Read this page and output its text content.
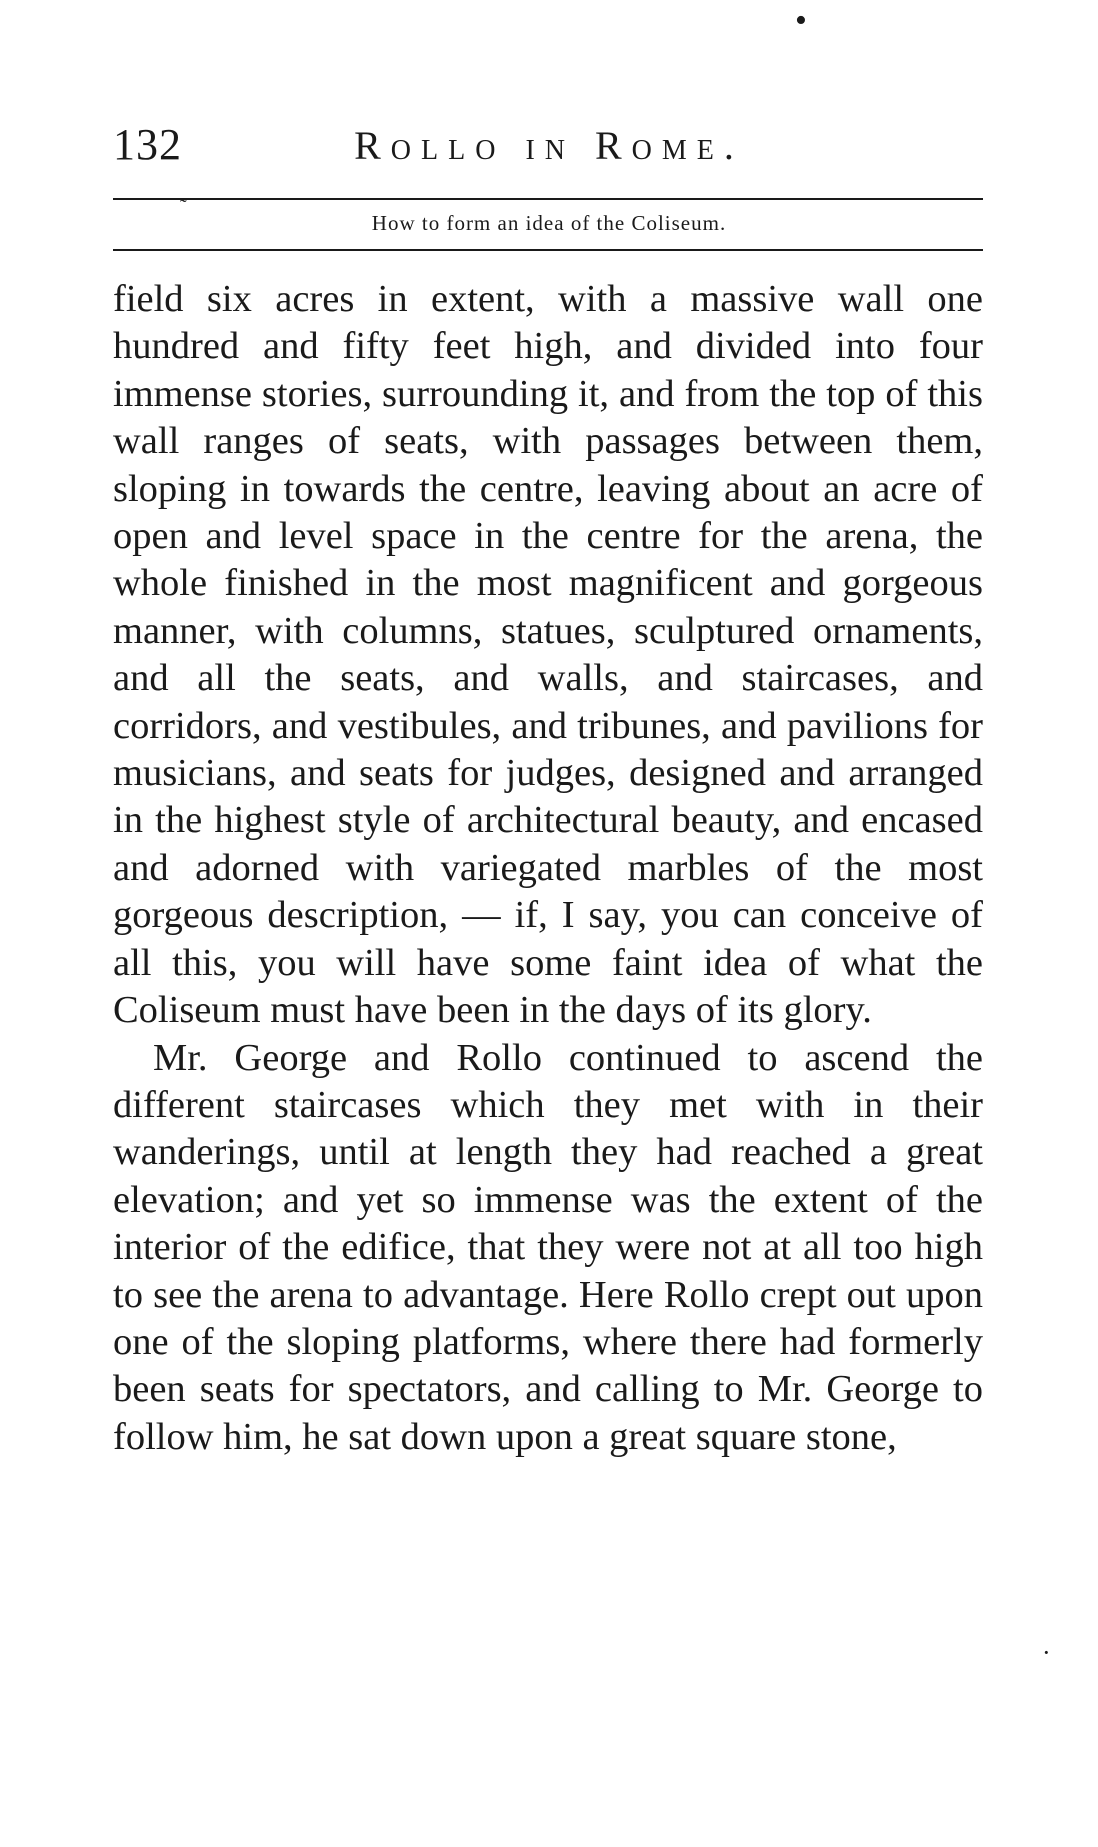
•
132	Rollo in Rome.
˜
How to form an idea of the Coliseum.

field six acres in extent, with a massive wall one hundred and fifty feet high, and divided into four immense stories, surrounding it, and from the top of this wall ranges of seats, with passages between them, sloping in towards the centre, leaving about an acre of open and level space in the centre for the arena, the whole finished in the most magnificent and gorgeous manner, with columns, statues, sculptured ornaments, and all the seats, and walls, and staircases, and corridors, and vestibules, and tribunes, and pavilions for musicians, and seats for judges, designed and arranged in the highest style of architectural beauty, and encased and adorned with variegated marbles of the most gorgeous description, — if, I say, you can conceive of all this, you will have some faint idea of what the Coliseum must have been in the days of its glory.

Mr. George and Rollo continued to ascend the different staircases which they met with in their wanderings, until at length they had reached a great elevation; and yet so immense was the extent of the interior of the edifice, that they were not at all too high to see the arena to advantage. Here Rollo crept out upon one of the sloping platforms, where there had formerly been seats for spectators, and calling to Mr. George to follow him, he sat down upon a great square stone,

·
